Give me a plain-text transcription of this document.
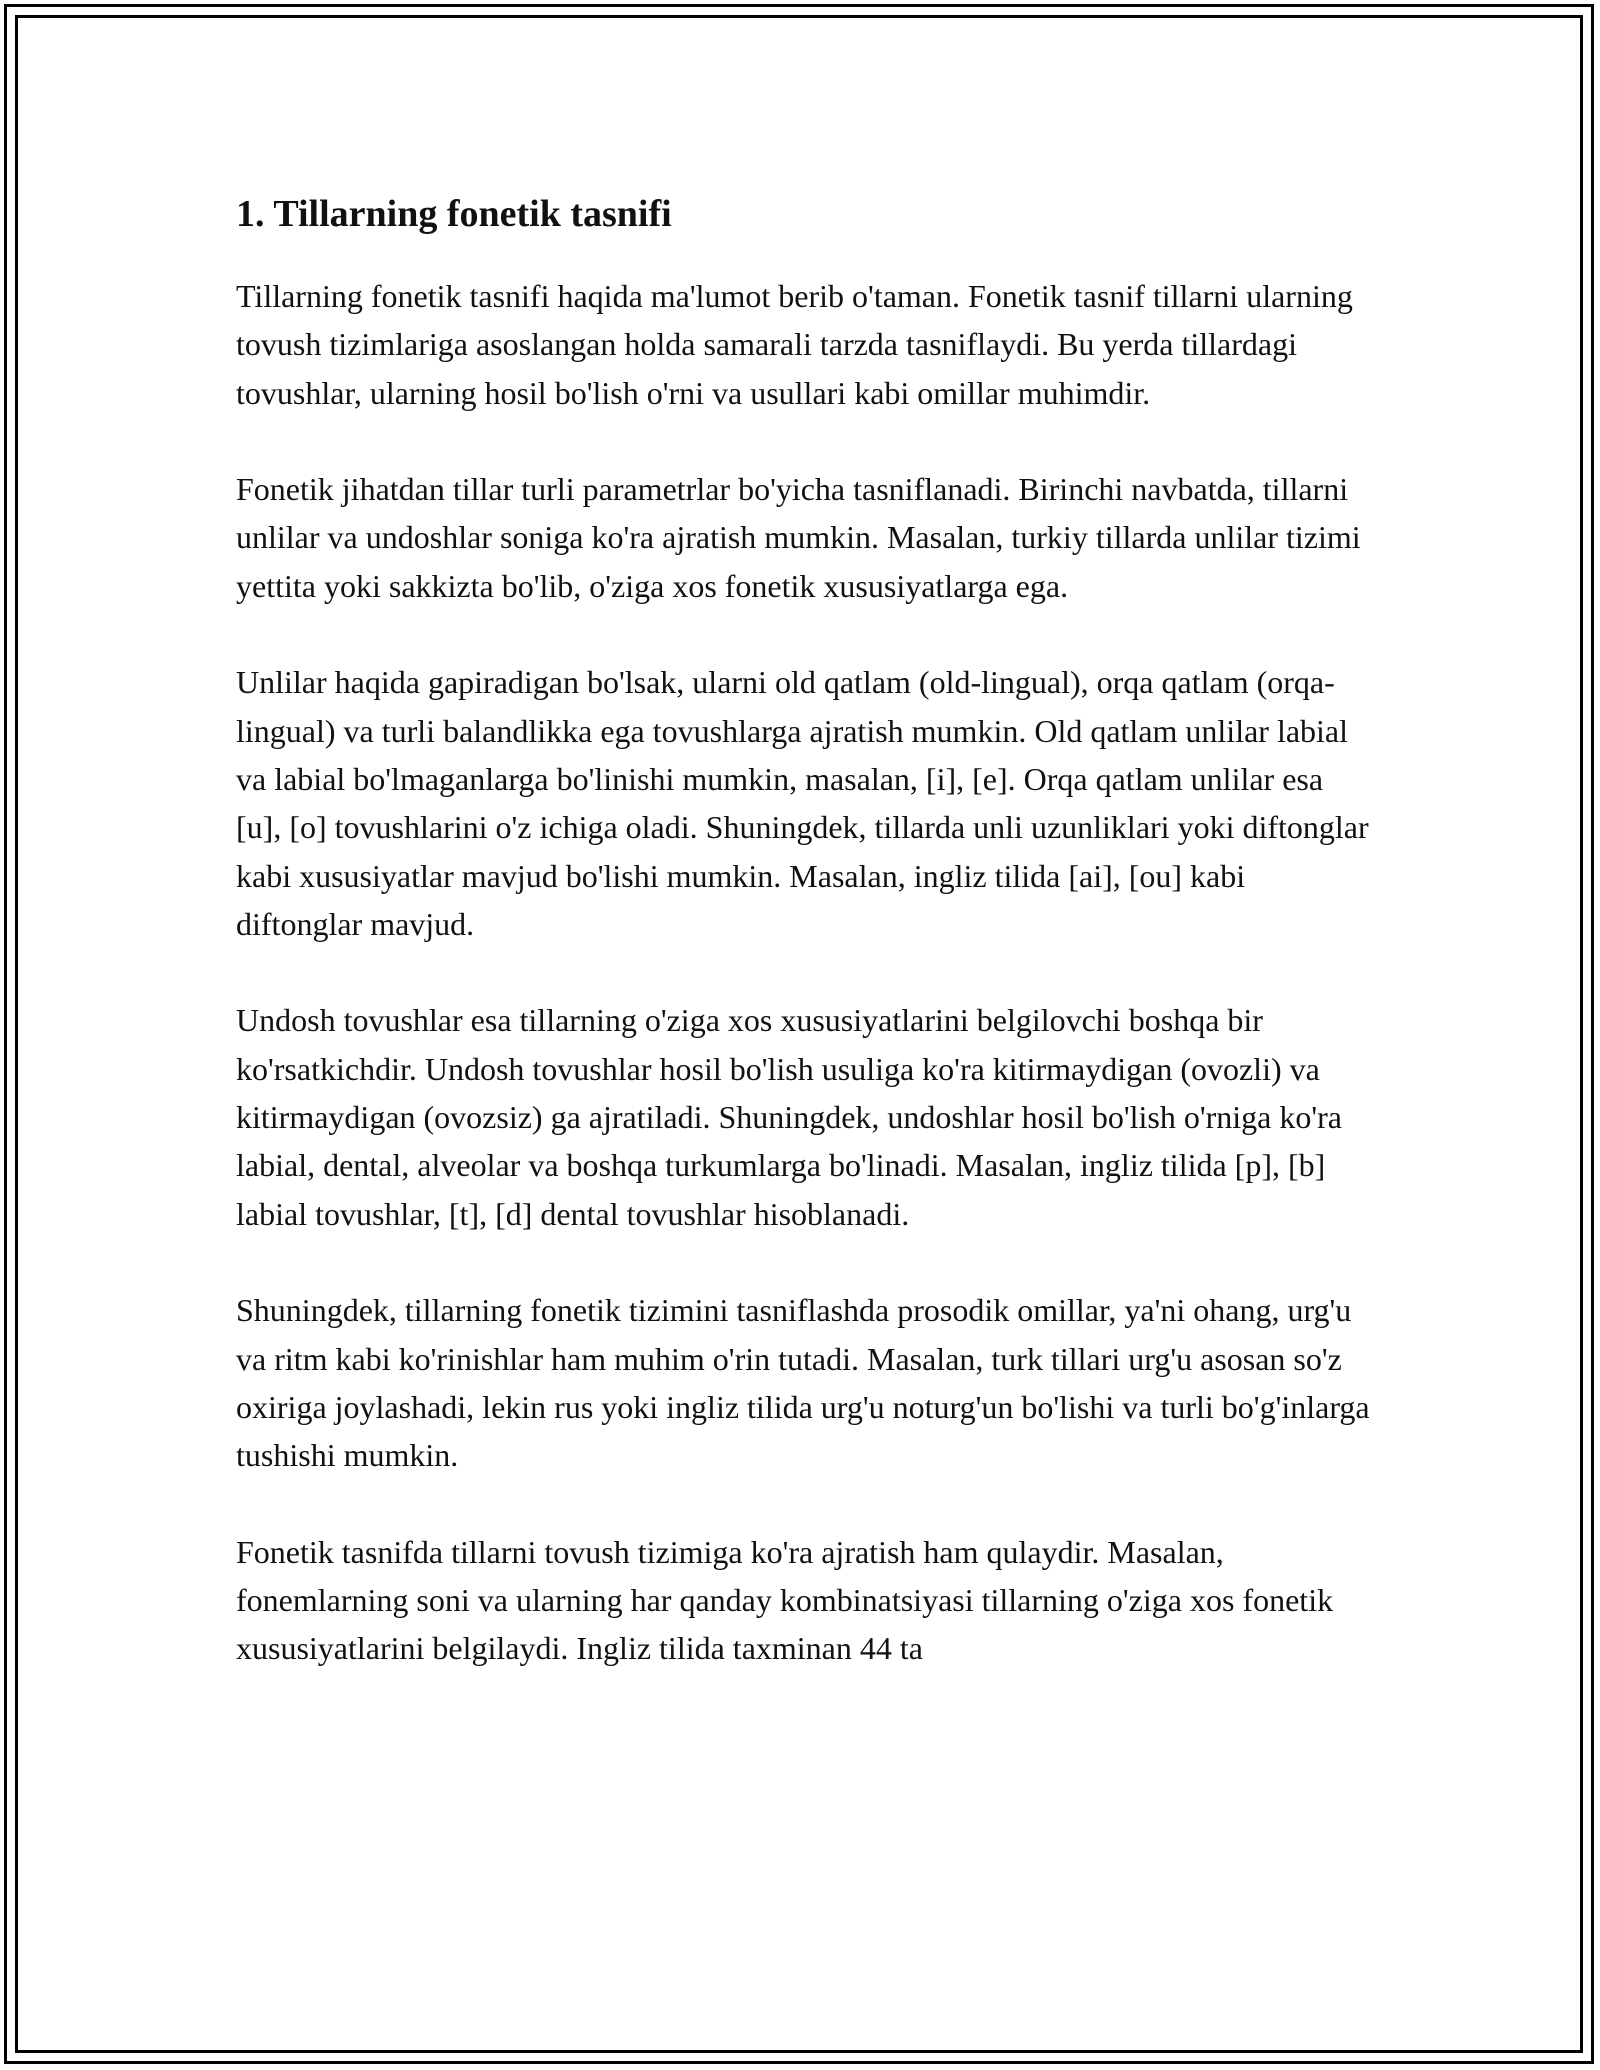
1. Tillarning fonetik tasnifi

Tillarning fonetik tasnifi haqida ma'lumot berib o'taman. Fonetik tasnif tillarni ularning tovush tizimlariga asoslangan holda samarali tarzda tasniflaydi. Bu yerda tillardagi tovushlar, ularning hosil bo'lish o'rni va usullari kabi omillar muhimdir.

Fonetik jihatdan tillar turli parametrlar bo'yicha tasniflanadi. Birinchi navbatda, tillarni unlilar va undoshlar soniga ko'ra ajratish mumkin. Masalan, turkiy tillarda unlilar tizimi yettita yoki sakkizta bo'lib, o'ziga xos fonetik xususiyatlarga ega.

Unlilar haqida gapiradigan bo'lsak, ularni old qatlam (old-lingual), orqa qatlam (orqa-lingual) va turli balandlikka ega tovushlarga ajratish mumkin. Old qatlam unlilar labial va labial bo'lmaganlarga bo'linishi mumkin, masalan, [i], [e]. Orqa qatlam unlilar esa [u], [o] tovushlarini o'z ichiga oladi. Shuningdek, tillarda unli uzunliklari yoki diftonglar kabi xususiyatlar mavjud bo'lishi mumkin. Masalan, ingliz tilida [ai], [ou] kabi diftonglar mavjud.

Undosh tovushlar esa tillarning o'ziga xos xususiyatlarini belgilovchi boshqa bir ko'rsatkichdir. Undosh tovushlar hosil bo'lish usuliga ko'ra kitirmaydigan (ovozli) va kitirmaydigan (ovozsiz) ga ajratiladi. Shuningdek, undoshlar hosil bo'lish o'rniga ko'ra labial, dental, alveolar va boshqa turkumlarga bo'linadi. Masalan, ingliz tilida [p], [b] labial tovushlar, [t], [d] dental tovushlar hisoblanadi.

Shuningdek, tillarning fonetik tizimini tasniflashda prosodik omillar, ya'ni ohang, urg'u va ritm kabi ko'rinishlar ham muhim o'rin tutadi. Masalan, turk tillari urg'u asosan so'z oxiriga joylashadi, lekin rus yoki ingliz tilida urg'u noturg'un bo'lishi va turli bo'g'inlarga tushishi mumkin.

Fonetik tasnifda tillarni tovush tizimiga ko'ra ajratish ham qulaydir. Masalan, fonemlarning soni va ularning har qanday kombinatsiyasi tillarning o'ziga xos fonetik xususiyatlarini belgilaydi. Ingliz tilida taxminan 44 ta
